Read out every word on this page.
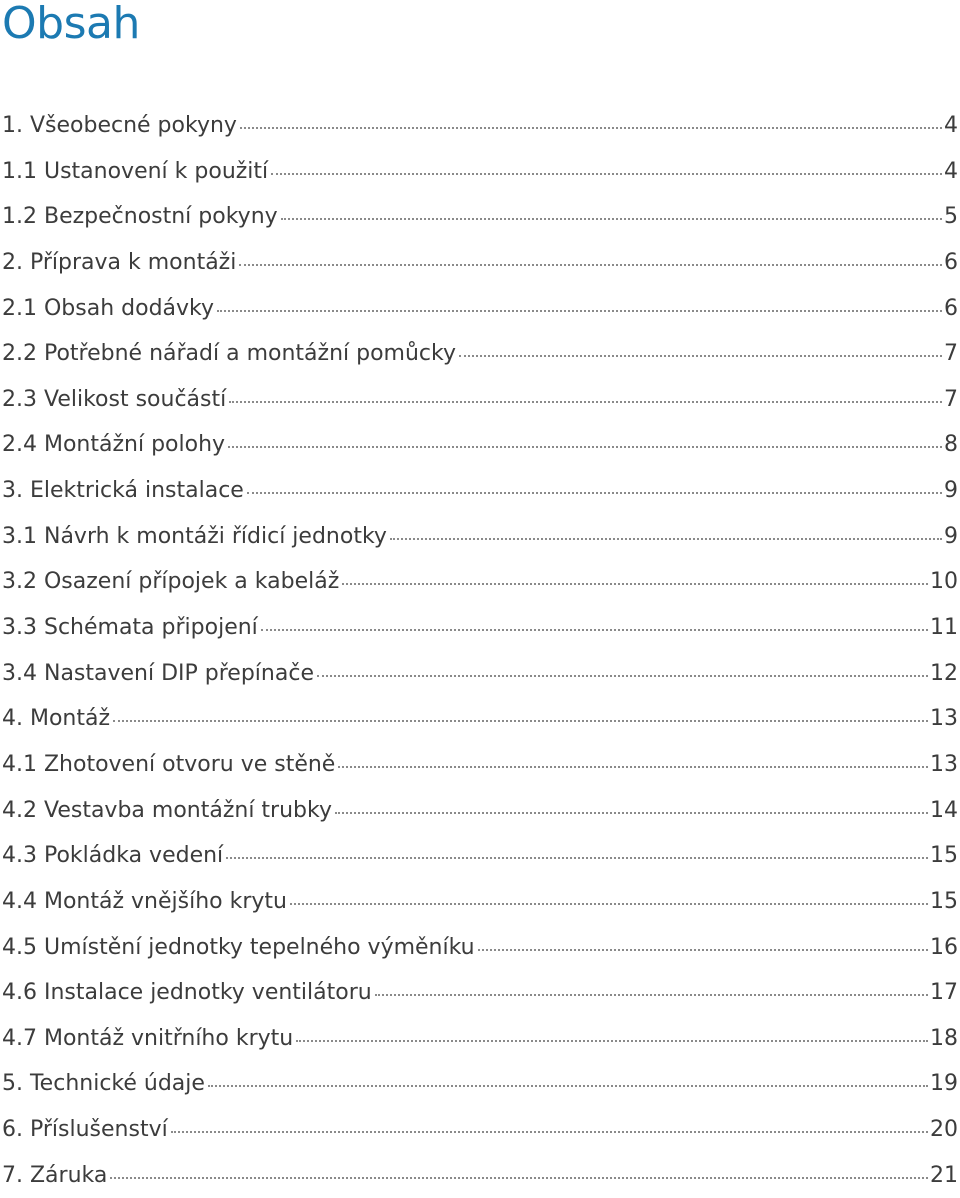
Obsah
1. Všeobecné pokyny	4
1.1 Ustanovení k použití	4
1.2 Bezpečnostní pokyny	5
2. Příprava k montáži	6
2.1 Obsah dodávky	6
2.2 Potřebné nářadí a montážní pomůcky	7
2.3 Velikost součástí	7
2.4 Montážní polohy	8
3. Elektrická instalace	9
3.1 Návrh k montáži řídicí jednotky	9
3.2 Osazení přípojek a kabeláž	10
3.3 Schémata připojení	11
3.4 Nastavení DIP přepínače	12
4. Montáž	13
4.1 Zhotovení otvoru ve stěně	13
4.2 Vestavba montážní trubky	14
4.3 Pokládka vedení	15
4.4 Montáž vnějšího krytu	15
4.5 Umístění jednotky tepelného výměníku	16
4.6 Instalace jednotky ventilátoru	17
4.7 Montáž vnitřního krytu	18
5. Technické údaje	19
6. Příslušenství	20
7. Záruka	21
